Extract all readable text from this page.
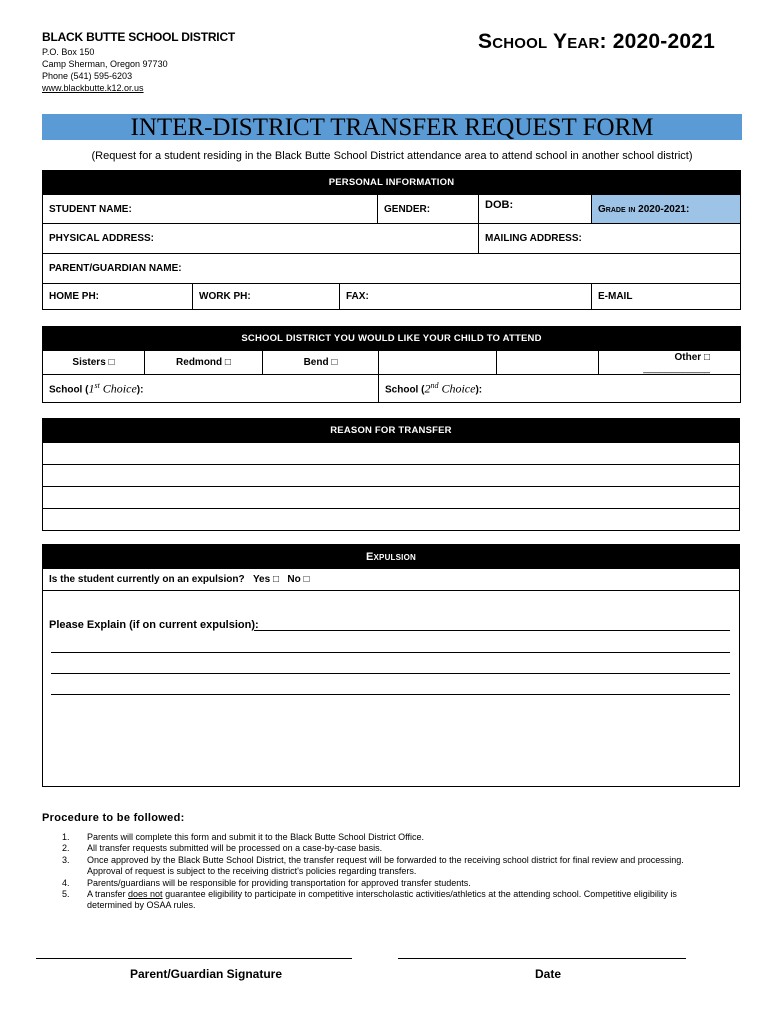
BLACK BUTTE SCHOOL DISTRICT
P.O. Box 150
Camp Sherman, Oregon 97730
Phone (541) 595-6203
www.blackbutte.k12.or.us
School Year: 2020-2021
INTER-DISTRICT TRANSFER REQUEST FORM
(Request for a student residing in the Black Butte School District attendance area to attend school in another school district)
PERSONAL INFORMATION					
STUDENT NAME:			GENDER:	DOB:	Grade in 2020-2021:
PHYSICAL ADDRESS:				MAILING ADDRESS:	
PARENT/GUARDIAN NAME:					
HOME PH:	WORK PH:	FAX:			E-MAIL
SCHOOL DISTRICT YOU WOULD LIKE YOUR CHILD TO ATTEND					
Sisters □	Redmond □	Bend □			Other □ ____________
School (1st Choice):			School (2nd Choice):		
REASON FOR TRANSFER

Expulsion
Is the student currently on an expulsion? Yes □ No □

Please Explain (if on current expulsion):
Procedure to be followed:
1.	Parents will complete this form and submit it to the Black Butte School District Office.
2.	All transfer requests submitted will be processed on a case-by-case basis.
3.	Once approved by the Black Butte School District, the transfer request will be forwarded to the receiving school district for final review and processing. Approval of request is subject to the receiving district's policies regarding transfers.
4.	Parents/guardians will be responsible for providing transportation for approved transfer students.
5.	A transfer does not guarantee eligibility to participate in competitive interscholastic activities/athletics at the attending school. Competitive eligibility is determined by OSAA rules.
Parent/Guardian Signature	Date
